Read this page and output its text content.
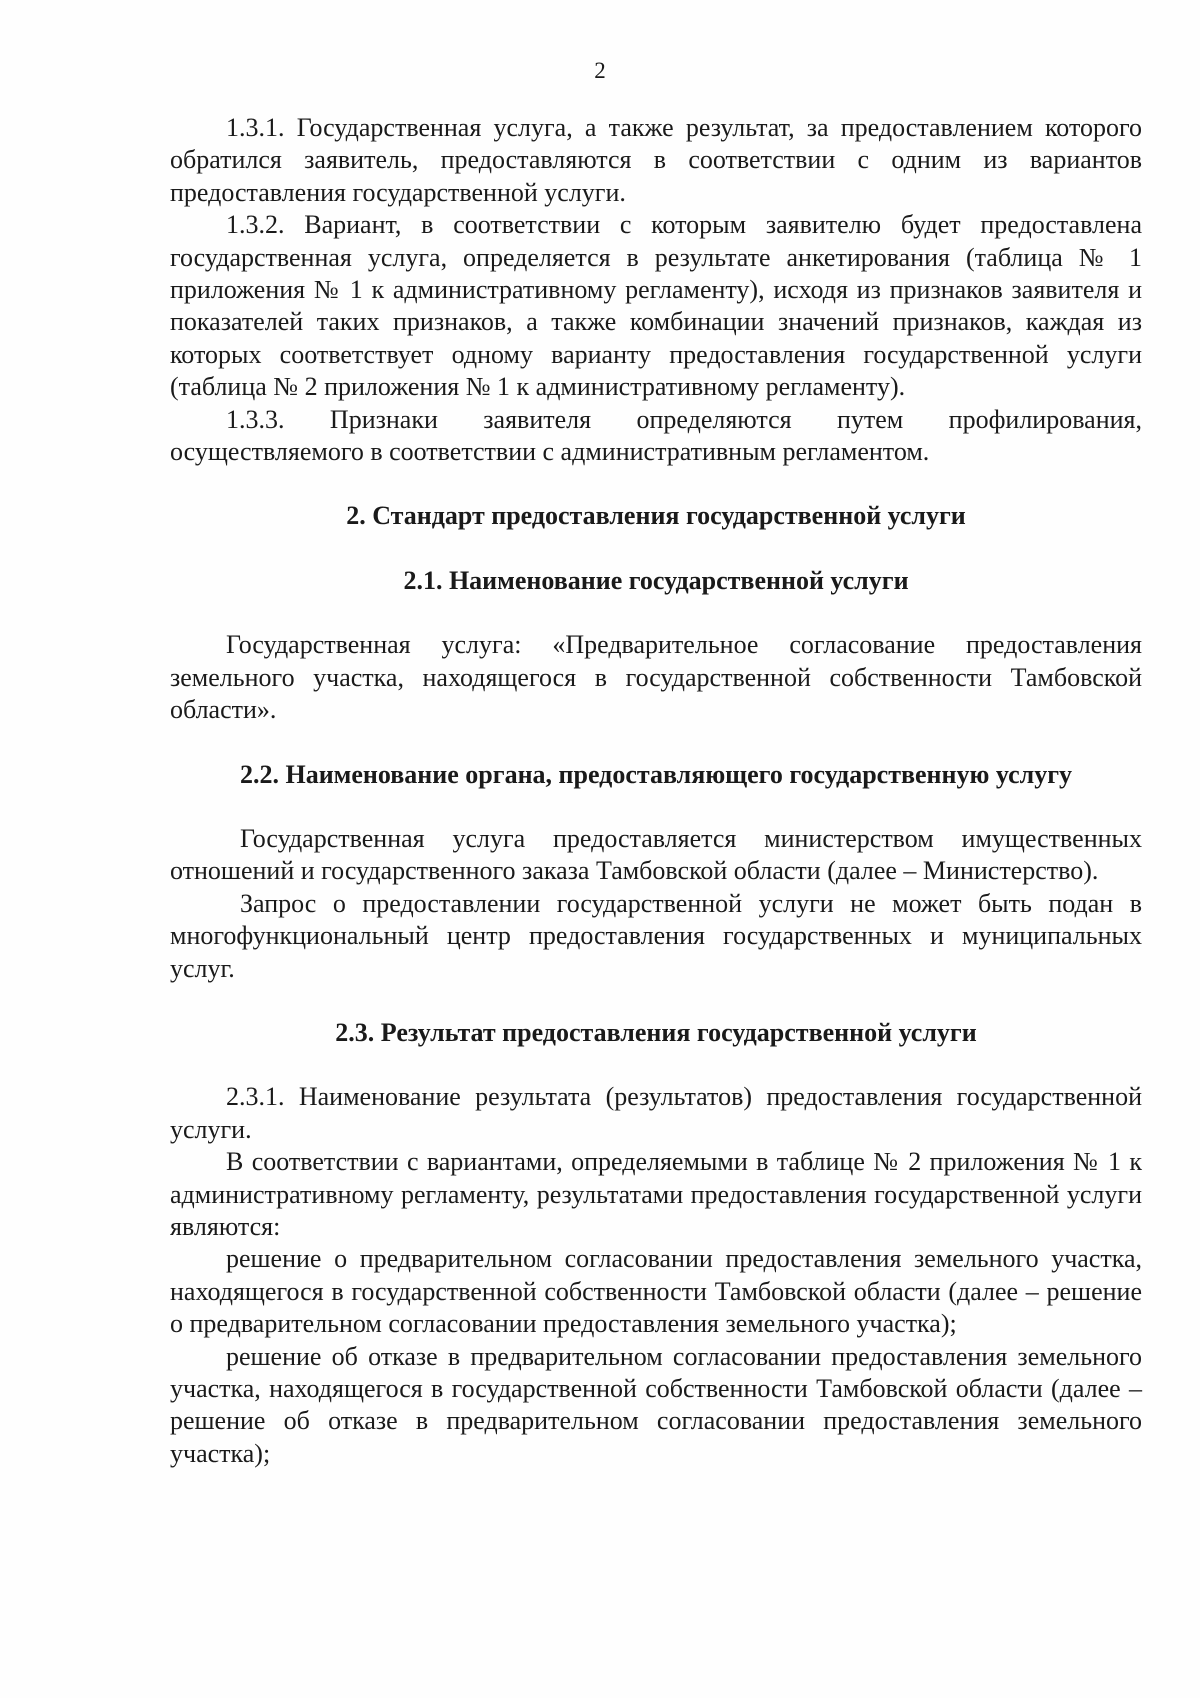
2

1.3.1. Государственная услуга, а также результат, за предоставлением которого обратился заявитель, предоставляются в соответствии с одним из вариантов предоставления государственной услуги.

1.3.2. Вариант, в соответствии с которым заявителю будет предоставлена государственная услуга, определяется в результате анкетирования (таблица № 1 приложения № 1 к административному регламенту), исходя из признаков заявителя и показателей таких признаков, а также комбинации значений признаков, каждая из которых соответствует одному варианту предоставления государственной услуги (таблица № 2 приложения № 1 к административному регламенту).

1.3.3. Признаки заявителя определяются путем профилирования, осуществляемого в соответствии с административным регламентом.

2. Стандарт предоставления государственной услуги

2.1. Наименование государственной услуги

Государственная услуга: «Предварительное согласование предоставления земельного участка, находящегося в государственной собственности Тамбовской области».

2.2. Наименование органа, предоставляющего государственную услугу

Государственная услуга предоставляется министерством имущественных отношений и государственного заказа Тамбовской области (далее – Министерство).

Запрос о предоставлении государственной услуги не может быть подан в многофункциональный центр предоставления государственных и муниципальных услуг.

2.3. Результат предоставления государственной услуги

2.3.1. Наименование результата (результатов) предоставления государственной услуги.

В соответствии с вариантами, определяемыми в таблице № 2 приложения № 1 к административному регламенту, результатами предоставления государственной услуги являются:

решение о предварительном согласовании предоставления земельного участка, находящегося в государственной собственности Тамбовской области (далее – решение о предварительном согласовании предоставления земельного участка);

решение об отказе в предварительном согласовании предоставления земельного участка, находящегося в государственной собственности Тамбовской области (далее – решение об отказе в предварительном согласовании предоставления земельного участка);
